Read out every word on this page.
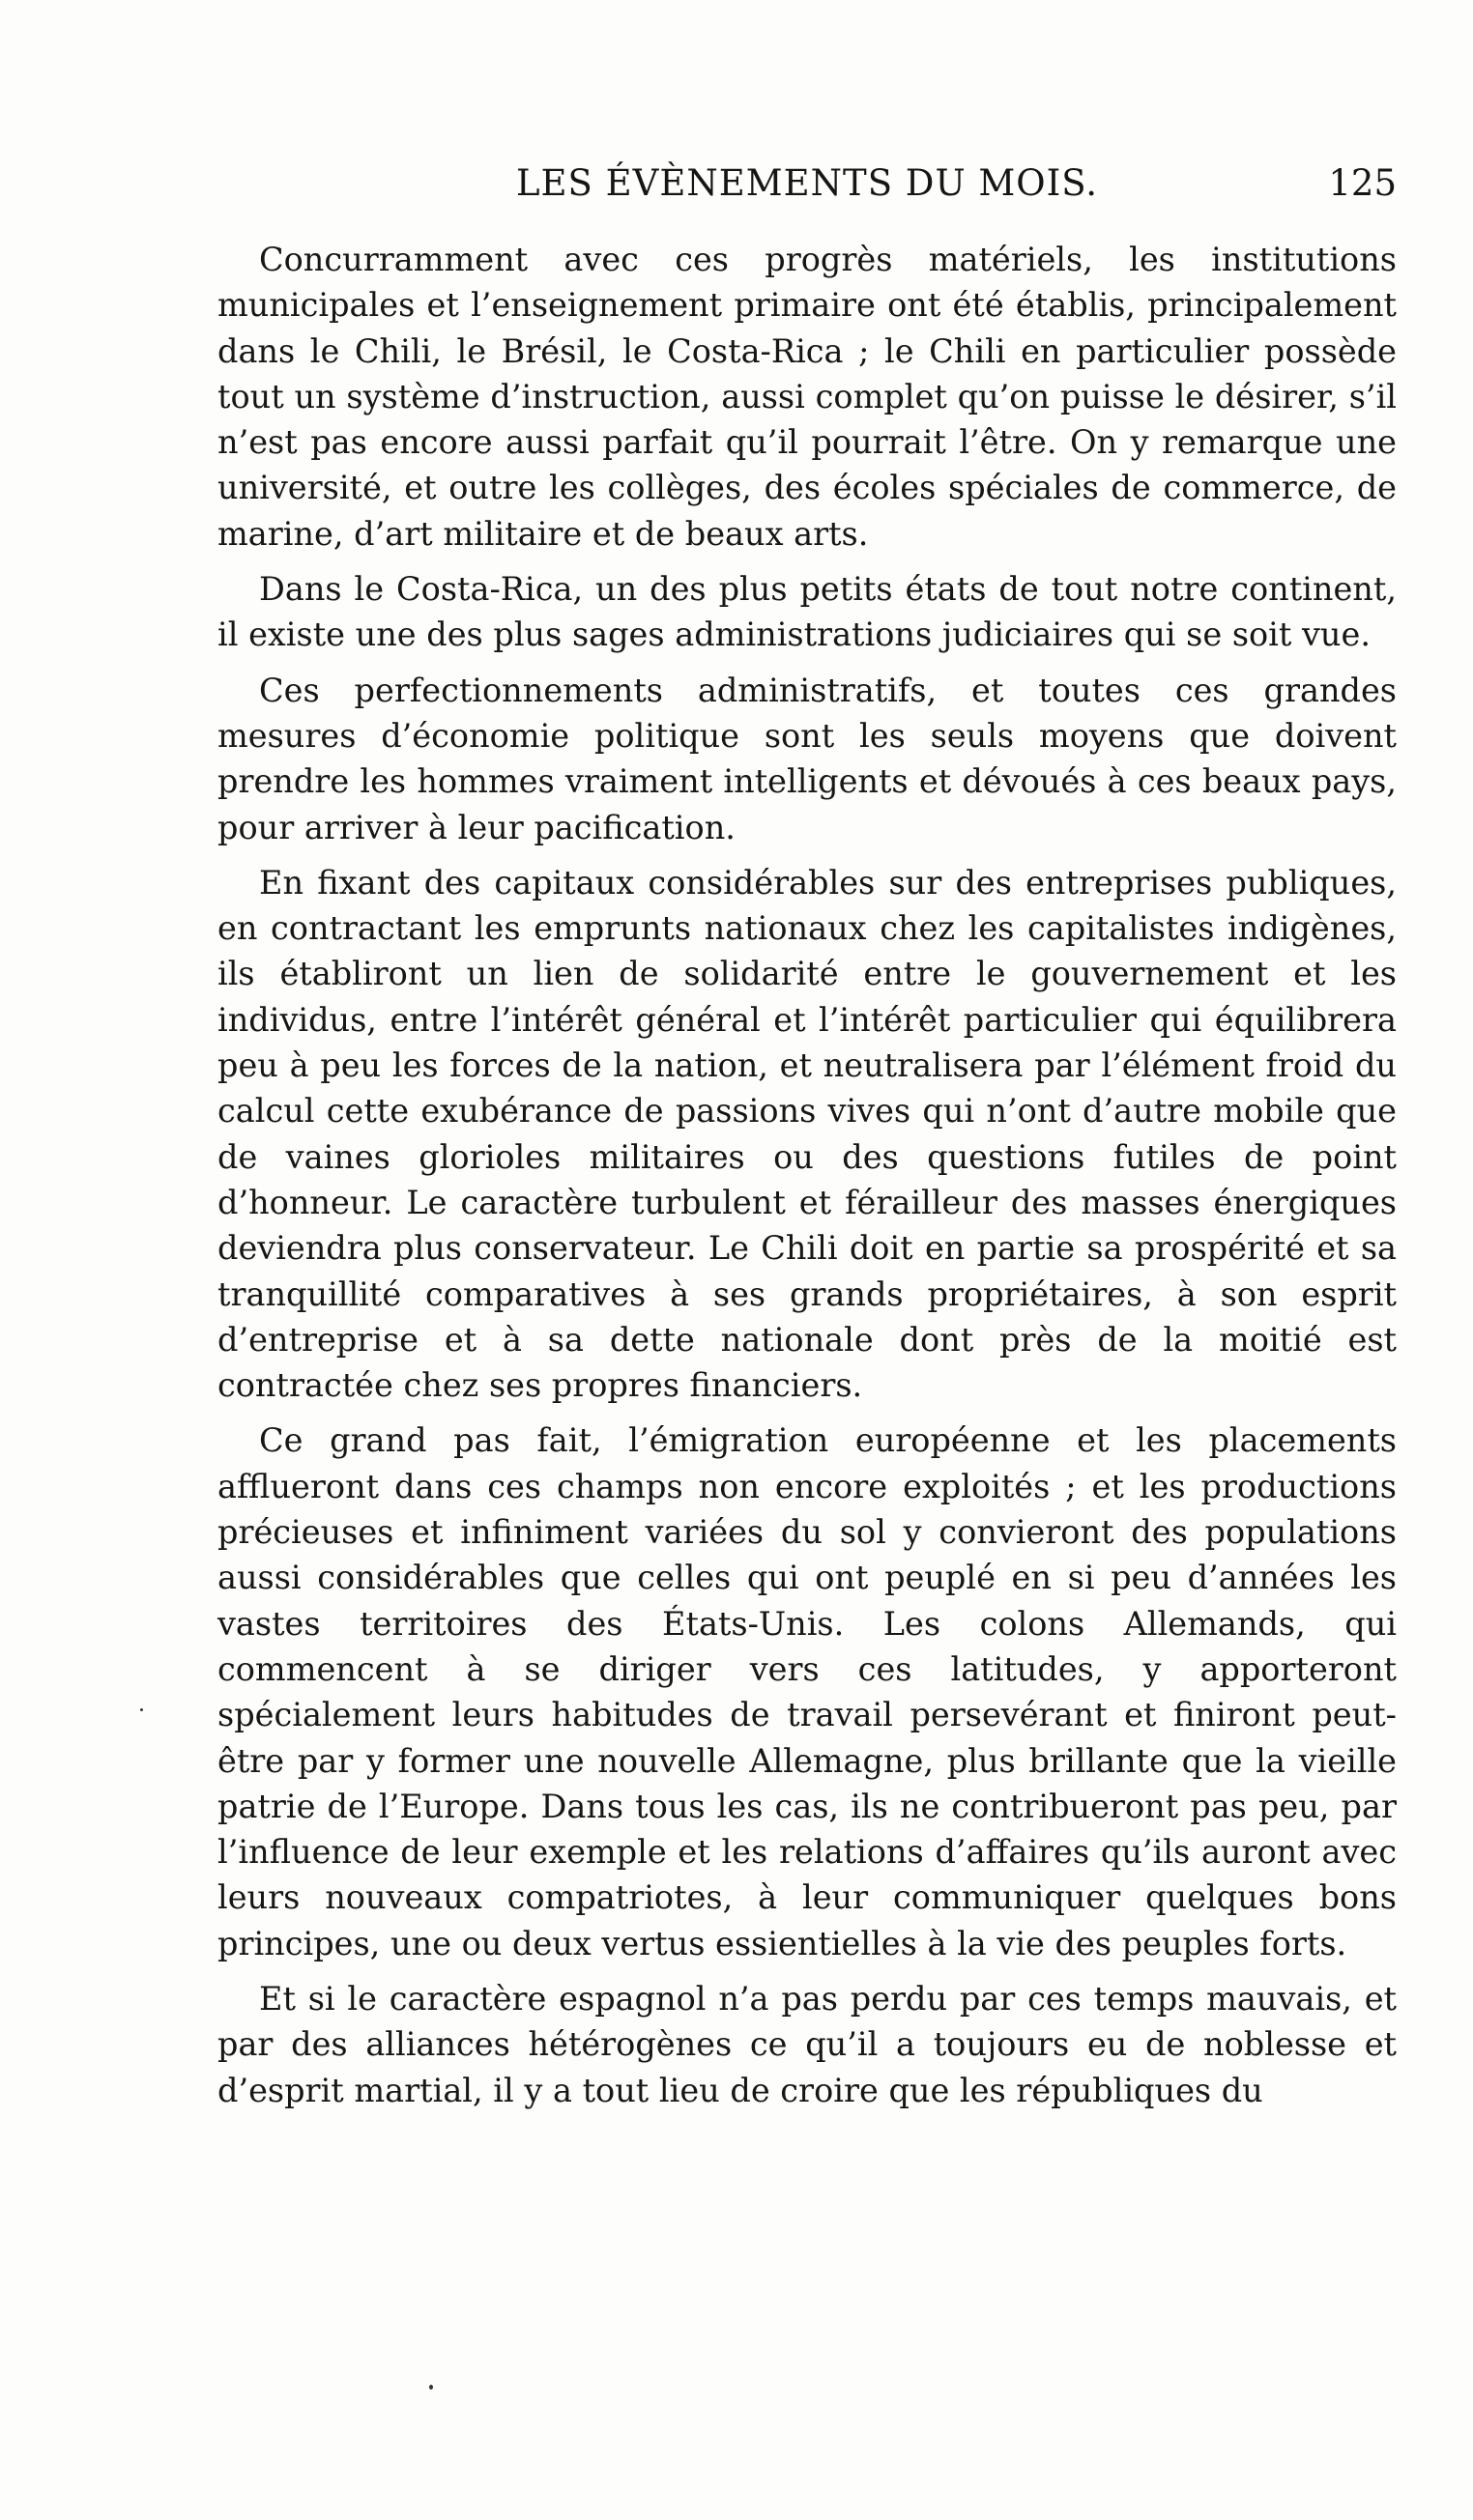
LES ÉVÈNEMENTS DU MOIS.	125

Concurramment avec ces progrès matériels, les institutions municipales et l’enseignement primaire ont été établis, principalement dans le Chili, le Brésil, le Costa-Rica ; le Chili en particulier possède tout un système d’instruction, aussi complet qu’on puisse le désirer, s’il n’est pas encore aussi parfait qu’il pourrait l’être. On y remarque une université, et outre les collèges, des écoles spéciales de commerce, de marine, d’art militaire et de beaux arts.

Dans le Costa-Rica, un des plus petits états de tout notre continent, il existe une des plus sages administrations judiciaires qui se soit vue.

Ces perfectionnements administratifs, et toutes ces grandes mesures d’économie politique sont les seuls moyens que doivent prendre les hommes vraiment intelligents et dévoués à ces beaux pays, pour arriver à leur pacification.

En fixant des capitaux considérables sur des entreprises publiques, en contractant les emprunts nationaux chez les capitalistes indigènes, ils établiront un lien de solidarité entre le gouvernement et les individus, entre l’intérêt général et l’intérêt particulier qui équilibrera peu à peu les forces de la nation, et neutralisera par l’élément froid du calcul cette exubérance de passions vives qui n’ont d’autre mobile que de vaines glorioles militaires ou des questions futiles de point d’honneur. Le caractère turbulent et férailleur des masses énergiques deviendra plus conservateur. Le Chili doit en partie sa prospérité et sa tranquillité comparatives à ses grands propriétaires, à son esprit d’entreprise et à sa dette nationale dont près de la moitié est contractée chez ses propres financiers.

Ce grand pas fait, l’émigration européenne et les placements afflueront dans ces champs non encore exploités ; et les productions précieuses et infiniment variées du sol y convieront des populations aussi considérables que celles qui ont peuplé en si peu d’années les vastes territoires des États-Unis. Les colons Allemands, qui commencent à se diriger vers ces latitudes, y apporteront spécialement leurs habitudes de travail persevérant et finiront peut-être par y former une nouvelle Allemagne, plus brillante que la vieille patrie de l’Europe. Dans tous les cas, ils ne contribueront pas peu, par l’influence de leur exemple et les relations d’affaires qu’ils auront avec leurs nouveaux compatriotes, à leur communiquer quelques bons principes, une ou deux vertus essientielles à la vie des peuples forts.

Et si le caractère espagnol n’a pas perdu par ces temps mauvais, et par des alliances hétérogènes ce qu’il a toujours eu de noblesse et d’esprit martial, il y a tout lieu de croire que les républiques du
